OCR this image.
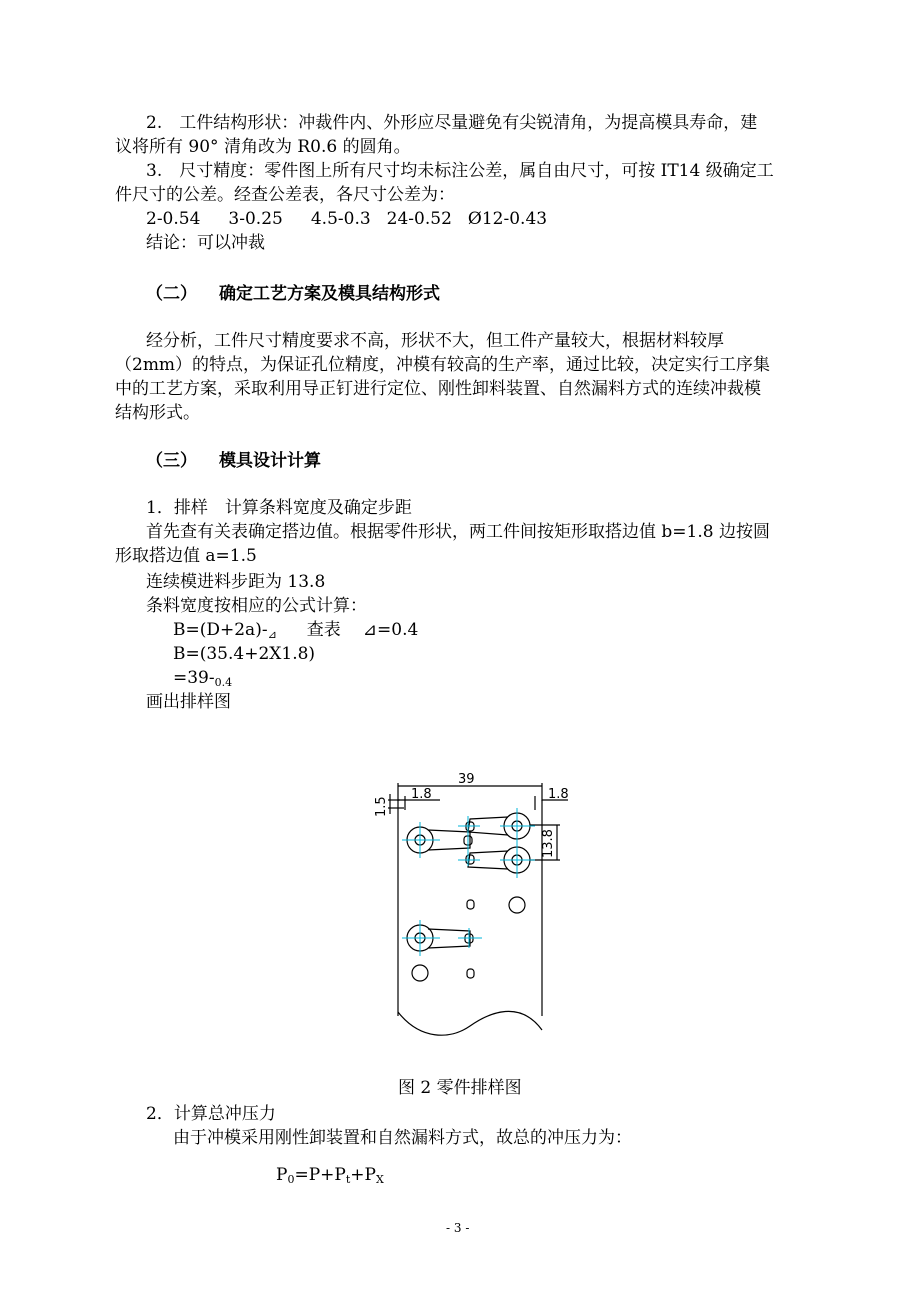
2.　工件结构形状：冲裁件内、外形应尽量避免有尖锐清角，为提高模具寿命，建
议将所有 90° 清角改为 R0.6 的圆角。
3.　尺寸精度：零件图上所有尺寸均未标注公差，属自由尺寸，可按 IT14 级确定工
件尺寸的公差。经查公差表，各尺寸公差为：
2-0.54 3-0.25 4.5-0.3 24-0.52 Ø12-0.43
结论：可以冲裁
（二） 确定工艺方案及模具结构形式
经分析，工件尺寸精度要求不高，形状不大，但工件产量较大，根据材料较厚
（2mm）的特点，为保证孔位精度，冲模有较高的生产率，通过比较，决定实行工序集
中的工艺方案，采取利用导正钉进行定位、刚性卸料装置、自然漏料方式的连续冲裁模
结构形式。
（三） 模具设计计算
1．排样　计算条料宽度及确定步距
首先查有关表确定搭边值。根据零件形状，两工件间按矩形取搭边值 b=1.8 边按圆
形取搭边值 a=1.5
连续模进料步距为 13.8
条料宽度按相应的公式计算：
$B=(D+2a)-_⊿$ 查表 ⊿=0.4
B=(35.4+2X1.8)
$=39-_{0.4}$
画出排样图
39
1.8	1.8
1.5
13.8
图 2 零件排样图
2．计算总冲压力
由于冲模采用刚性卸装置和自然漏料方式，故总的冲压力为：
$P_0=P+P_t+P_X$
- 3 -
